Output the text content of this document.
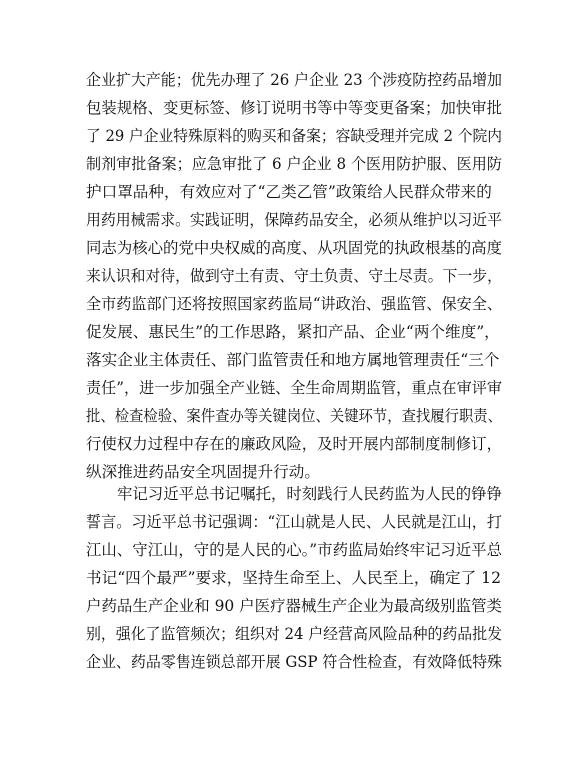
企业扩大产能；优先办理了 26 户企业 23 个涉疫防控药品增加
包装规格、变更标签、修订说明书等中等变更备案；加快审批
了 29 户企业特殊原料的购买和备案；容缺受理并完成 2 个院内
制剂审批备案；应急审批了 6 户企业 8 个医用防护服、医用防
护口罩品种，有效应对了“乙类乙管”政策给人民群众带来的
用药用械需求。实践证明，保障药品安全，必须从维护以习近平
同志为核心的党中央权威的高度、从巩固党的执政根基的高度
来认识和对待，做到守土有责、守土负责、守土尽责。下一步，
全市药监部门还将按照国家药监局“讲政治、强监管、保安全、
促发展、惠民生”的工作思路，紧扣产品、企业“两个维度”，
落实企业主体责任、部门监管责任和地方属地管理责任“三个
责任”，进一步加强全产业链、全生命周期监管，重点在审评审
批、检查检验、案件查办等关键岗位、关键环节，查找履行职责、
行使权力过程中存在的廉政风险，及时开展内部制度制修订，
纵深推进药品安全巩固提升行动。
牢记习近平总书记嘱托，时刻践行人民药监为人民的铮铮
誓言。习近平总书记强调：“江山就是人民、人民就是江山，打
江山、守江山，守的是人民的心。”市药监局始终牢记习近平总
书记“四个最严”要求，坚持生命至上、人民至上，确定了 12
户药品生产企业和 90 户医疗器械生产企业为最高级别监管类
别，强化了监管频次；组织对 24 户经营高风险品种的药品批发
企业、药品零售连锁总部开展 GSP 符合性检查，有效降低特殊
